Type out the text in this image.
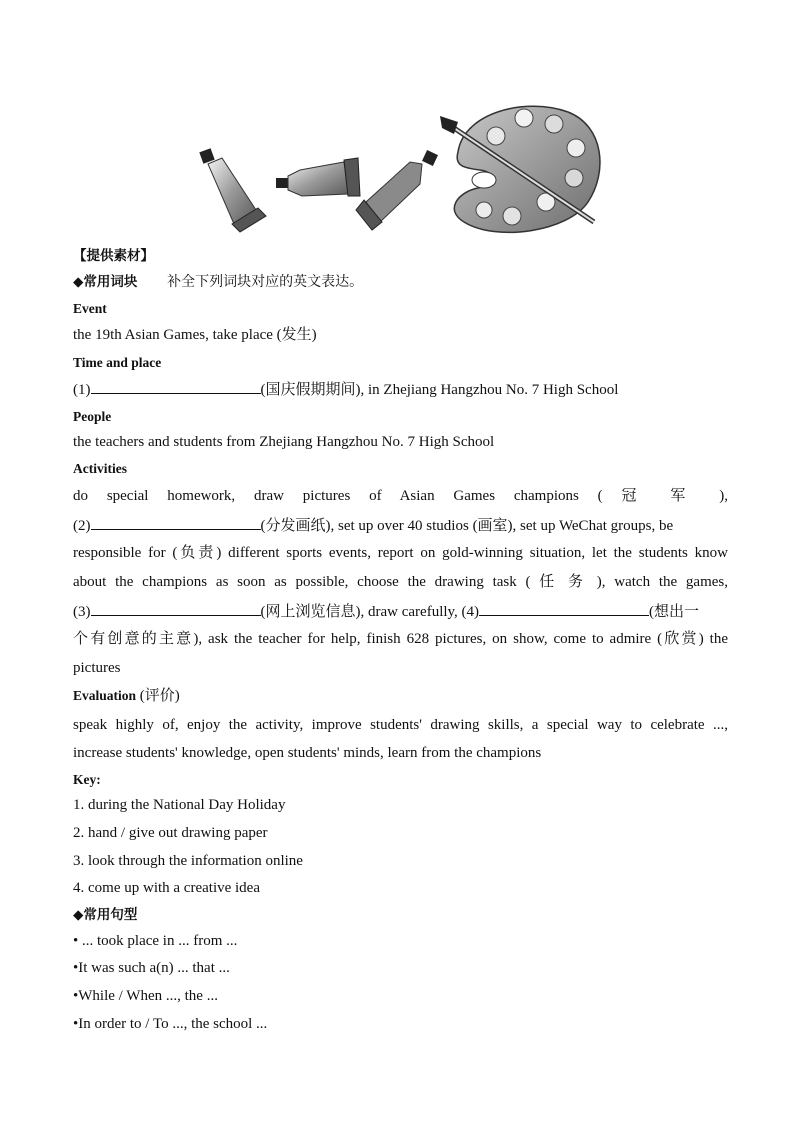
【提供素材】
◆常用词块 补全下列词块对应的英文表达。
Event
the 19th Asian Games, take place (发生)
Time and place
(1)	(国庆假期期间), in Zhejiang Hangzhou No. 7 High School
People
the teachers and students from Zhejiang Hangzhou No. 7 High School
Activities
do special homework, draw pictures of Asian Games champions ( 冠 军 ),
(2)	(分发画纸), set up over 40 studios (画室), set up WeChat groups, be
responsible for (负责) different sports events, report on gold-winning situation, let the students know
about the champions as soon as possible, choose the drawing task ( 任 务 ), watch the games,
(3)	(网上浏览信息), draw carefully, (4)	(想出一
个有创意的主意), ask the teacher for help, finish 628 pictures, on show, come to admire (欣赏) the
pictures
Evaluation (评价)
speak highly of, enjoy the activity, improve students' drawing skills, a special way to celebrate ...,
increase students' knowledge, open students' minds, learn from the champions
Key:
1. during the National Day Holiday
2. hand / give out drawing paper
3. look through the information online
4. come up with a creative idea
◆常用句型
• ... took place in ... from ...
•It was such a(n) ... that ...
•While / When ..., the ...
•In order to / To ..., the school ...
